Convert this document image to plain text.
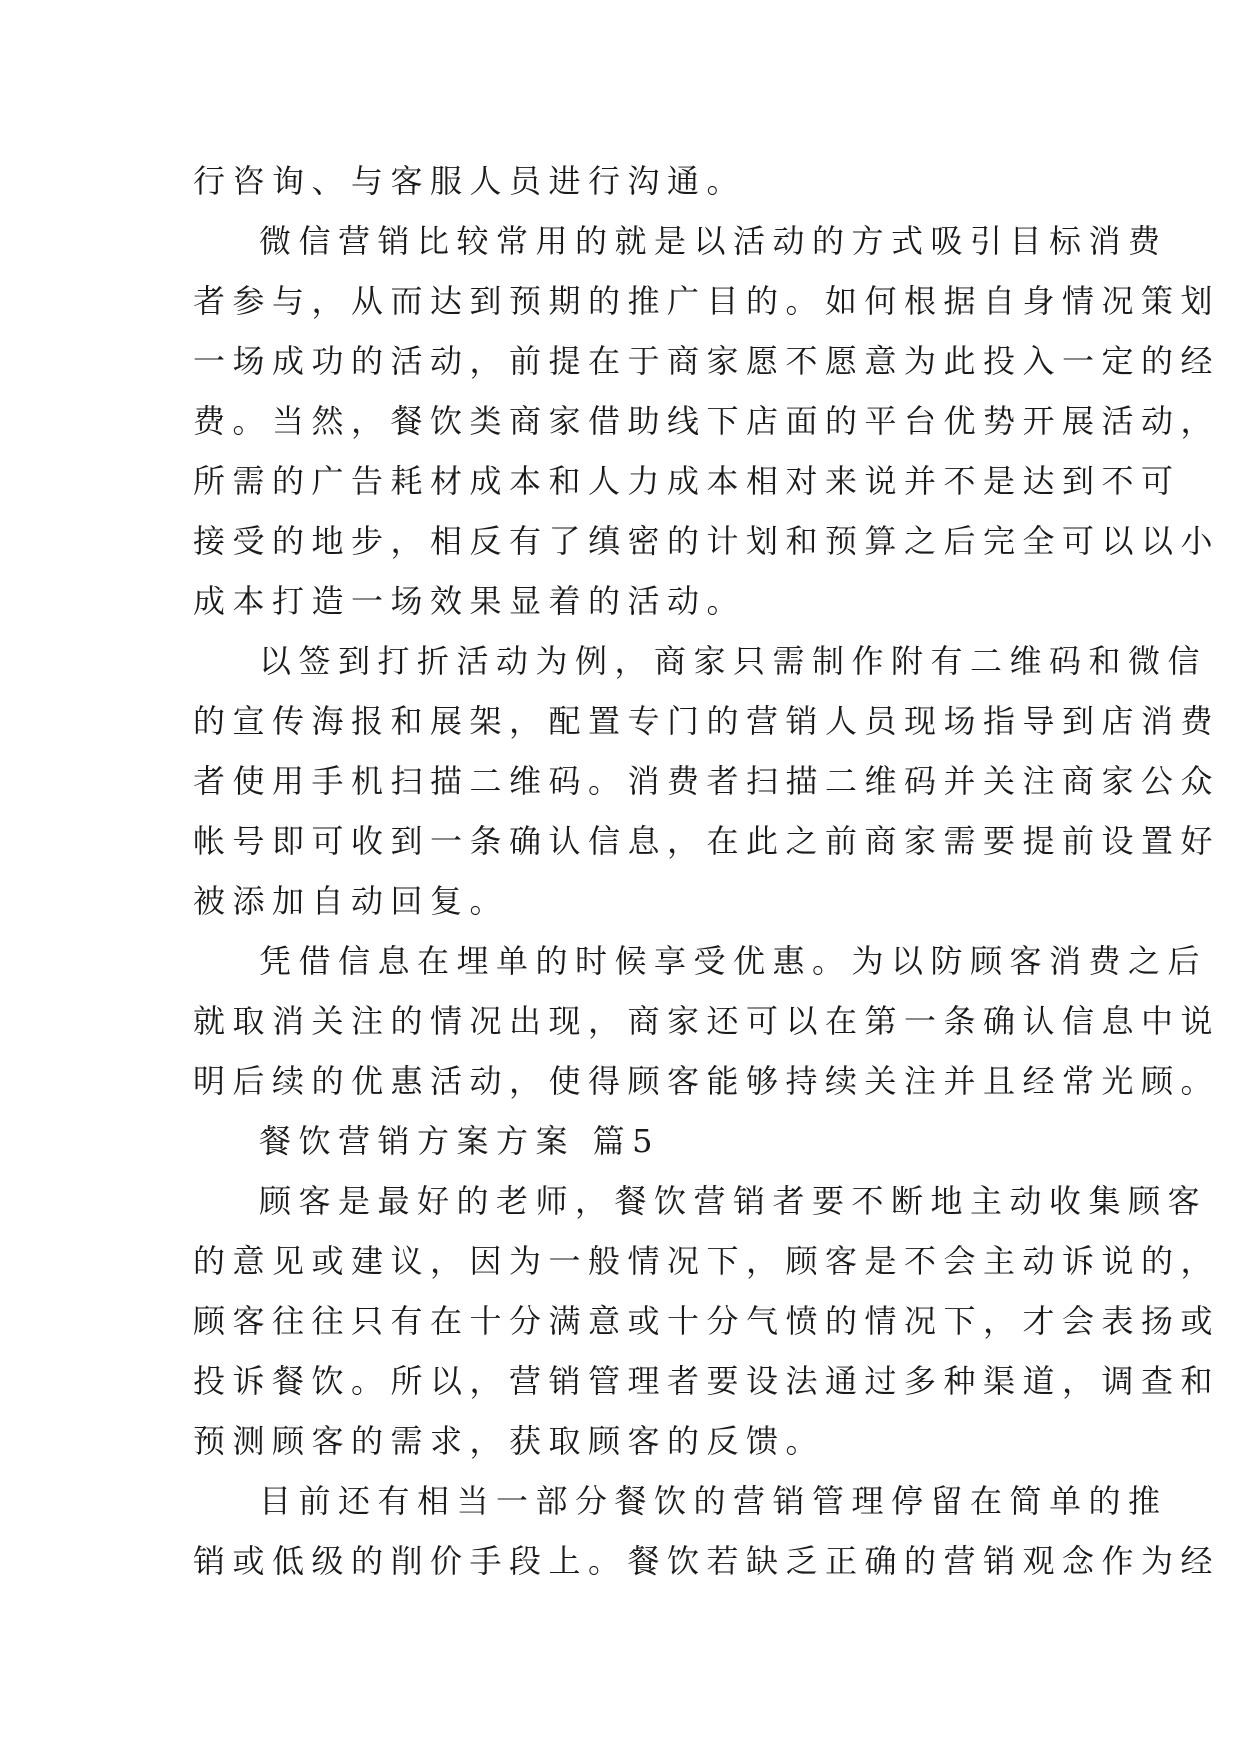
行咨询、与客服人员进行沟通。
微信营销比较常用的就是以活动的方式吸引目标消费
者参与，从而达到预期的推广目的。如何根据自身情况策划
一场成功的活动，前提在于商家愿不愿意为此投入一定的经
费。当然，餐饮类商家借助线下店面的平台优势开展活动，
所需的广告耗材成本和人力成本相对来说并不是达到不可
接受的地步，相反有了缜密的计划和预算之后完全可以以小
成本打造一场效果显着的活动。
以签到打折活动为例，商家只需制作附有二维码和微信
的宣传海报和展架，配置专门的营销人员现场指导到店消费
者使用手机扫描二维码。消费者扫描二维码并关注商家公众
帐号即可收到一条确认信息，在此之前商家需要提前设置好
被添加自动回复。
凭借信息在埋单的时候享受优惠。为以防顾客消费之后
就取消关注的情况出现，商家还可以在第一条确认信息中说
明后续的优惠活动，使得顾客能够持续关注并且经常光顾。
餐饮营销方案方案 篇5
顾客是最好的老师，餐饮营销者要不断地主动收集顾客
的意见或建议，因为一般情况下，顾客是不会主动诉说的，
顾客往往只有在十分满意或十分气愤的情况下，才会表扬或
投诉餐饮。所以，营销管理者要设法通过多种渠道，调查和
预测顾客的需求，获取顾客的反馈。
目前还有相当一部分餐饮的营销管理停留在简单的推
销或低级的削价手段上。餐饮若缺乏正确的营销观念作为经
